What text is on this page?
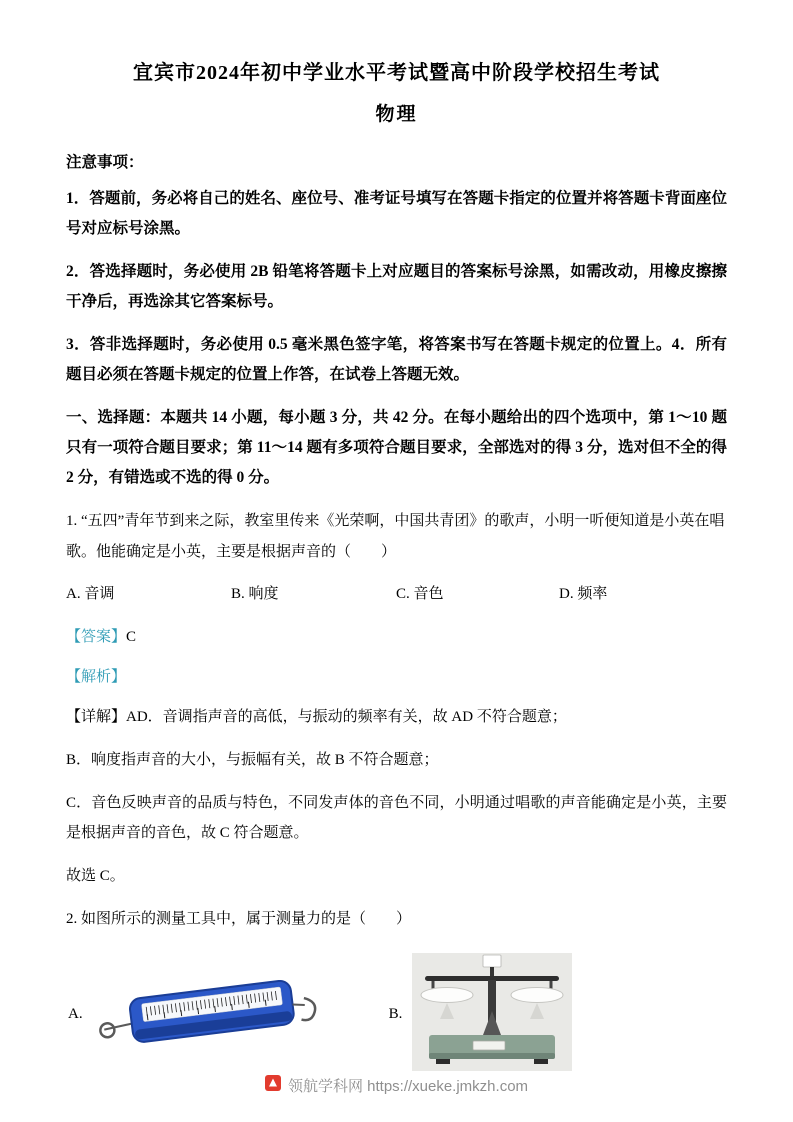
宜宾市2024年初中学业水平考试暨高中阶段学校招生考试
物理
注意事项：
1．答题前，务必将自己的姓名、座位号、准考证号填写在答题卡指定的位置并将答题卡背面座位号对应标号涂黑。
2．答选择题时，务必使用 2B 铅笔将答题卡上对应题目的答案标号涂黑，如需改动，用橡皮擦擦干净后，再选涂其它答案标号。
3．答非选择题时，务必使用 0.5 毫米黑色签字笔，将答案书写在答题卡规定的位置上。4．所有题目必须在答题卡规定的位置上作答，在试卷上答题无效。
一、选择题：本题共 14 小题，每小题 3 分，共 42 分。在每小题给出的四个选项中，第 1～10 题只有一项符合题目要求；第 11～14 题有多项符合题目要求，全部选对的得 3 分，选对但不全的得 2 分，有错选或不选的得 0 分。
1. “五四”青年节到来之际，教室里传来《光荣啊，中国共青团》的歌声，小明一听便知道是小英在唱歌。他能确定是小英，主要是根据声音的（　　）
A. 音调	B. 响度	C. 音色	D. 频率
【答案】C
【解析】
【详解】AD．音调指声音的高低，与振动的频率有关，故 AD 不符合题意；
B．响度指声音的大小，与振幅有关，故 B 不符合题意；
C．音色反映声音的品质与特色，不同发声体的音色不同，小明通过唱歌的声音能确定是小英，主要是根据声音的音色，故 C 符合题意。
故选 C。
2. 如图所示的测量工具中，属于测量力的是（　　）
A.	B.
领航学科网 https://xueke.jmkzh.com
